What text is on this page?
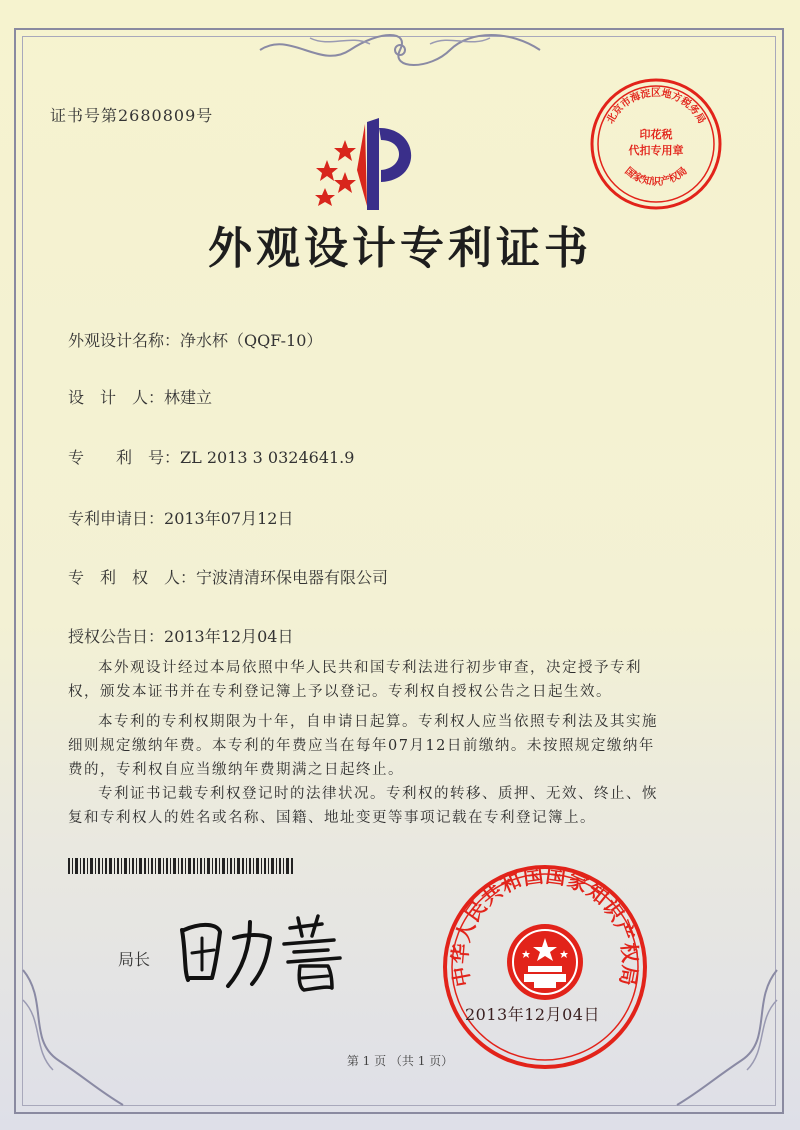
证书号第2680809号
外观设计专利证书
外观设计名称：净水杯（QQF-10）
设　计　人：林建立
专　　利　号：ZL 2013 3 0324641.9
专利申请日：2013年07月12日
专　利　权　人：宁波清清环保电器有限公司
授权公告日：2013年12月04日
本外观设计经过本局依照中华人民共和国专利法进行初步审查，决定授予专利权，颁发本证书并在专利登记簿上予以登记。专利权自授权公告之日起生效。
本专利的专利权期限为十年，自申请日起算。专利权人应当依照专利法及其实施细则规定缴纳年费。本专利的年费应当在每年07月12日前缴纳。未按照规定缴纳年费的，专利权自应当缴纳年费期满之日起终止。
专利证书记载专利权登记时的法律状况。专利权的转移、质押、无效、终止、恢复和专利权人的姓名或名称、国籍、地址变更等事项记载在专利登记簿上。
局长
北京市海淀区地方税务局
印花税
代扣专用章
国家知识产权局
中华人民共和国国家知识产权局
2013年12月04日
第 1 页 （共 1 页）
